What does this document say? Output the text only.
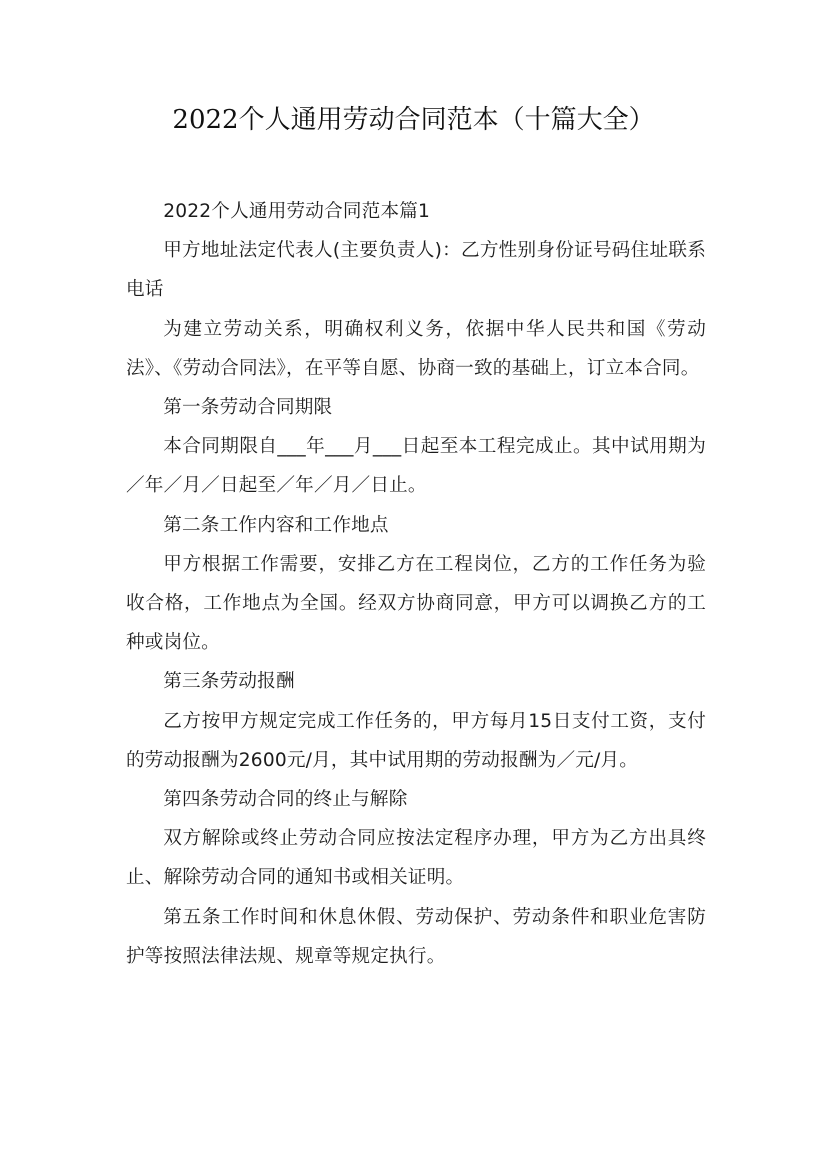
2022个人通用劳动合同范本（十篇大全）

2022个人通用劳动合同范本篇1

甲方地址法定代表人(主要负责人)：乙方性别身份证号码住址联系电话

为建立劳动关系，明确权利义务，依据中华人民共和国《劳动法》、《劳动合同法》，在平等自愿、协商一致的基础上，订立本合同。

第一条劳动合同期限

本合同期限自___年___月___日起至本工程完成止。其中试用期为／年／月／日起至／年／月／日止。

第二条工作内容和工作地点

甲方根据工作需要，安排乙方在工程岗位，乙方的工作任务为验收合格，工作地点为全国。经双方协商同意，甲方可以调换乙方的工种或岗位。

第三条劳动报酬

乙方按甲方规定完成工作任务的，甲方每月15日支付工资，支付的劳动报酬为2600元/月，其中试用期的劳动报酬为／元/月。

第四条劳动合同的终止与解除

双方解除或终止劳动合同应按法定程序办理，甲方为乙方出具终止、解除劳动合同的通知书或相关证明。

第五条工作时间和休息休假、劳动保护、劳动条件和职业危害防护等按照法律法规、规章等规定执行。
